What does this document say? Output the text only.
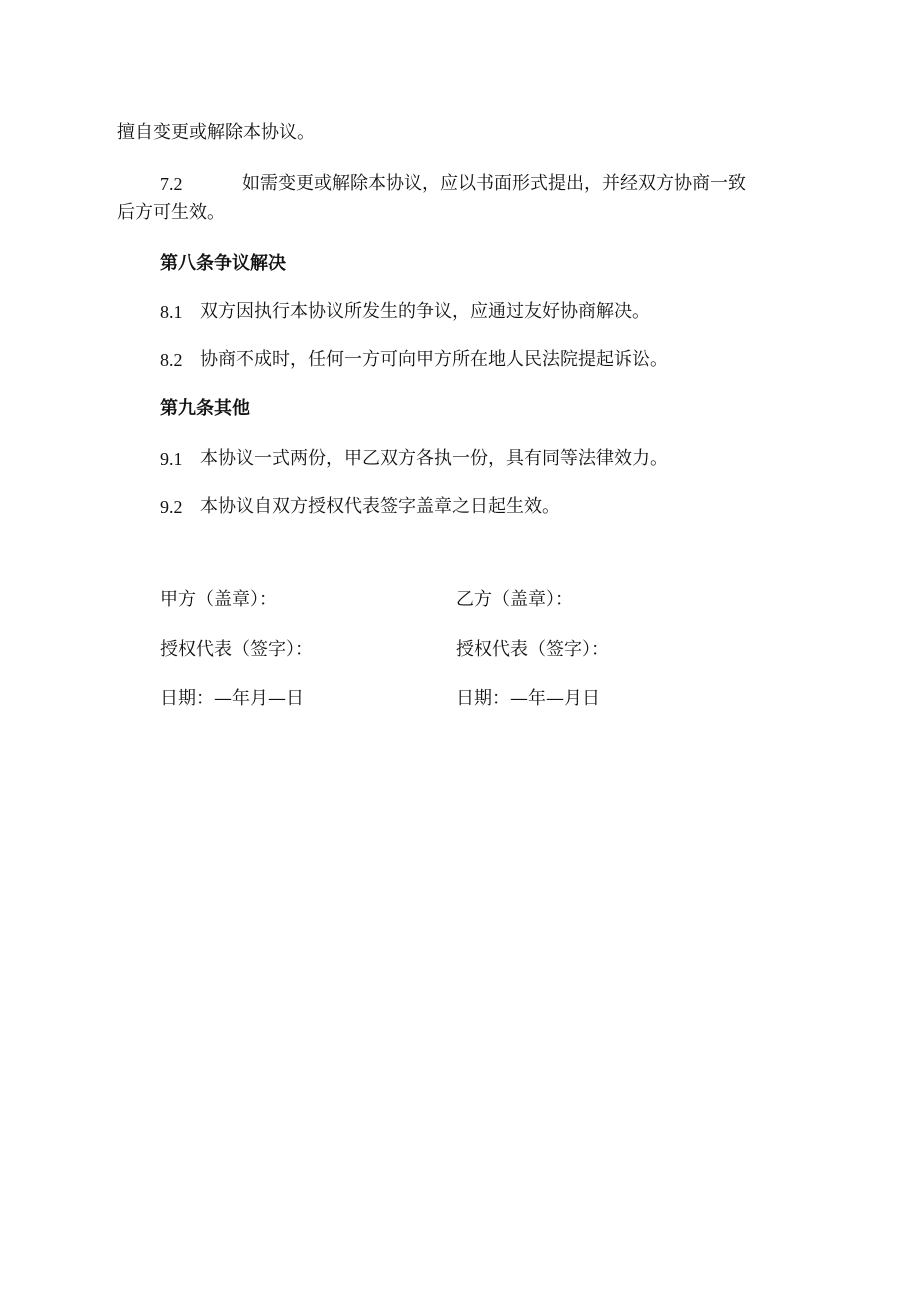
擅自变更或解除本协议。
7.2	如需变更或解除本协议，应以书面形式提出，并经双方协商一致
后方可生效。
第八条争议解决
8.1 双方因执行本协议所发生的争议，应通过友好协商解决。
8.2 协商不成时，任何一方可向甲方所在地人民法院提起诉讼。
第九条其他
9.1 本协议一式两份，甲乙双方各执一份，具有同等法律效力。
9.2 本协议自双方授权代表签字盖章之日起生效。
甲方（盖章）：	乙方（盖章）：
授权代表（签字）：	授权代表（签字）：
日期：—年月—日	日期：—年—月日
